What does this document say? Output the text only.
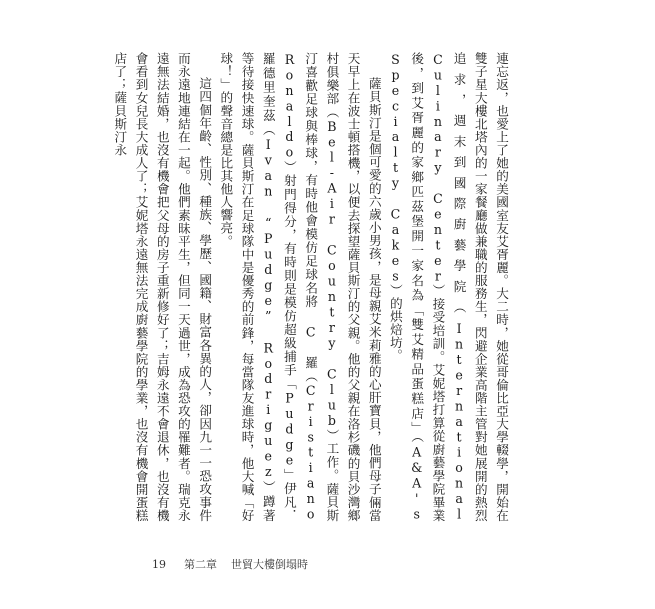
連忘返，也愛上了她的美國室友艾胥麗。大二時，她從哥倫比亞大學輟學，開始在雙子星大樓北塔內的一家餐廳做兼職的服務生，閃避企業高階主管對她展開的熱烈追求，週末到國際廚藝學院（International Culinary Center）接受培訓。艾妮塔打算從廚藝學院畢業後，到艾胥麗的家鄉匹茲堡開一家名為「雙艾精品蛋糕店」（A&A's Specialty Cakes）的烘焙坊。

薩貝斯汀是個可愛的六歲小男孩，是母親艾米莉雅的心肝寶貝，他們母子倆當天早上在波士頓搭機，以便去探望薩貝斯汀的父親。他的父親在洛杉磯的貝沙灣鄉村俱樂部（Bel-Air Country Club）工作。薩貝斯汀喜歡足球與棒球，有時他會模仿足球名將 C 羅（Cristiano Ronaldo）射門得分，有時則是模仿超級捕手「Pudge」伊凡．羅德里奎茲（Ivan “Pudge” Rodriguez）蹲著等待接快速球。薩貝斯汀在足球隊中是優秀的前鋒，每當隊友進球時，他大喊「好球！」的聲音總是比其他人響亮。

這四個年齡、性別、種族、學歷、國籍、財富各異的人，卻因九一一恐攻事件而永遠地連結在一起。他們素昧平生，但同一天過世，成為恐攻的罹難者。瑞克永遠無法結婚，也沒有機會把父母的房子重新修好了；吉姆永遠不會退休，也沒有機會看到女兒長大成人了；艾妮塔永遠無法完成廚藝學院的學業，也沒有機會開蛋糕店了；薩貝斯汀永

19 第二章 世貿大樓倒塌時
